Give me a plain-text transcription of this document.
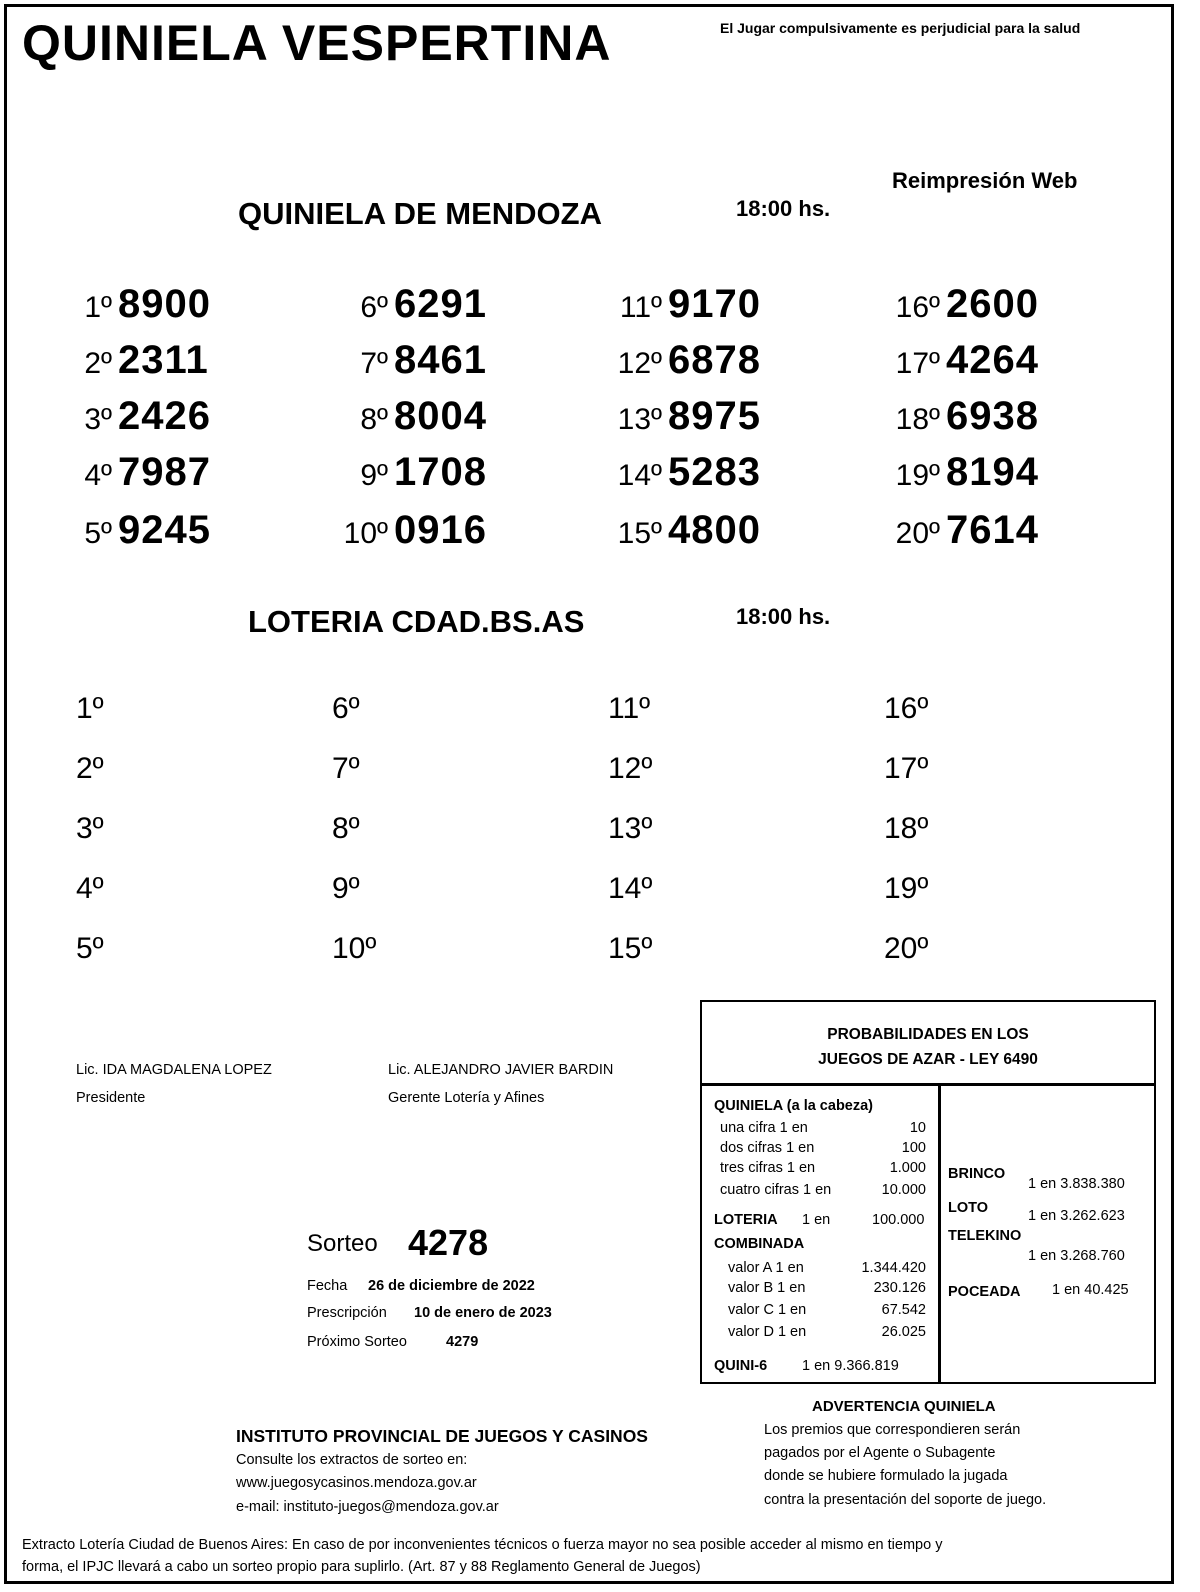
QUINIELA VESPERTINA	El Jugar compulsivamente es perjudicial para la salud
Reimpresión Web
QUINIELA DE MENDOZA	18:00 hs.
1º 8900
2º 2311
3º 2426
4º 7987
5º 9245
6º 6291
7º 8461
8º 8004
9º 1708
10º 0916
11º 9170
12º 6878
13º 8975
14º 5283
15º 4800
16º 2600
17º 4264
18º 6938
19º 8194
20º 7614
LOTERIA CDAD.BS.AS	18:00 hs.
1º
2º
3º
4º
5º
6º
7º
8º
9º
10º
11º
12º
13º
14º
15º
16º
17º
18º
19º
20º
Lic. IDA MAGDALENA LOPEZ
Presidente
Lic. ALEJANDRO JAVIER BARDIN
Gerente Lotería y Afines
Sorteo 4278
Fecha 26 de diciembre de 2022
Prescripción 10 de enero de 2023
Próximo Sorteo	4279
PROBABILIDADES EN LOS
JUEGOS DE AZAR - LEY 6490
QUINIELA (a la cabeza)
una cifra 1 en	10
dos cifras 1 en	100
tres cifras 1 en	1.000
cuatro cifras 1 en	10.000
LOTERIA 1 en	100.000
COMBINADA
valor A 1 en	1.344.420
valor B 1 en	230.126
valor C 1 en	67.542
valor D 1 en	26.025
QUINI-6 1 en 9.366.819
BRINCO
1 en 3.838.380
LOTO	1 en 3.262.623
TELEKINO
1 en 3.268.760
POCEADA 1 en 40.425
ADVERTENCIA QUINIELA
Los premios que correspondieren serán
pagados por el Agente o Subagente
donde se hubiere formulado la jugada
contra la presentación del soporte de juego.
INSTITUTO PROVINCIAL DE JUEGOS Y CASINOS
Consulte los extractos de sorteo en:
www.juegosycasinos.mendoza.gov.ar
e-mail: instituto-juegos@mendoza.gov.ar
Extracto Lotería Ciudad de Buenos Aires: En caso de por inconvenientes técnicos o fuerza mayor no sea posible acceder al mismo en tiempo y
forma, el IPJC llevará a cabo un sorteo propio para suplirlo. (Art. 87 y 88 Reglamento General de Juegos)
